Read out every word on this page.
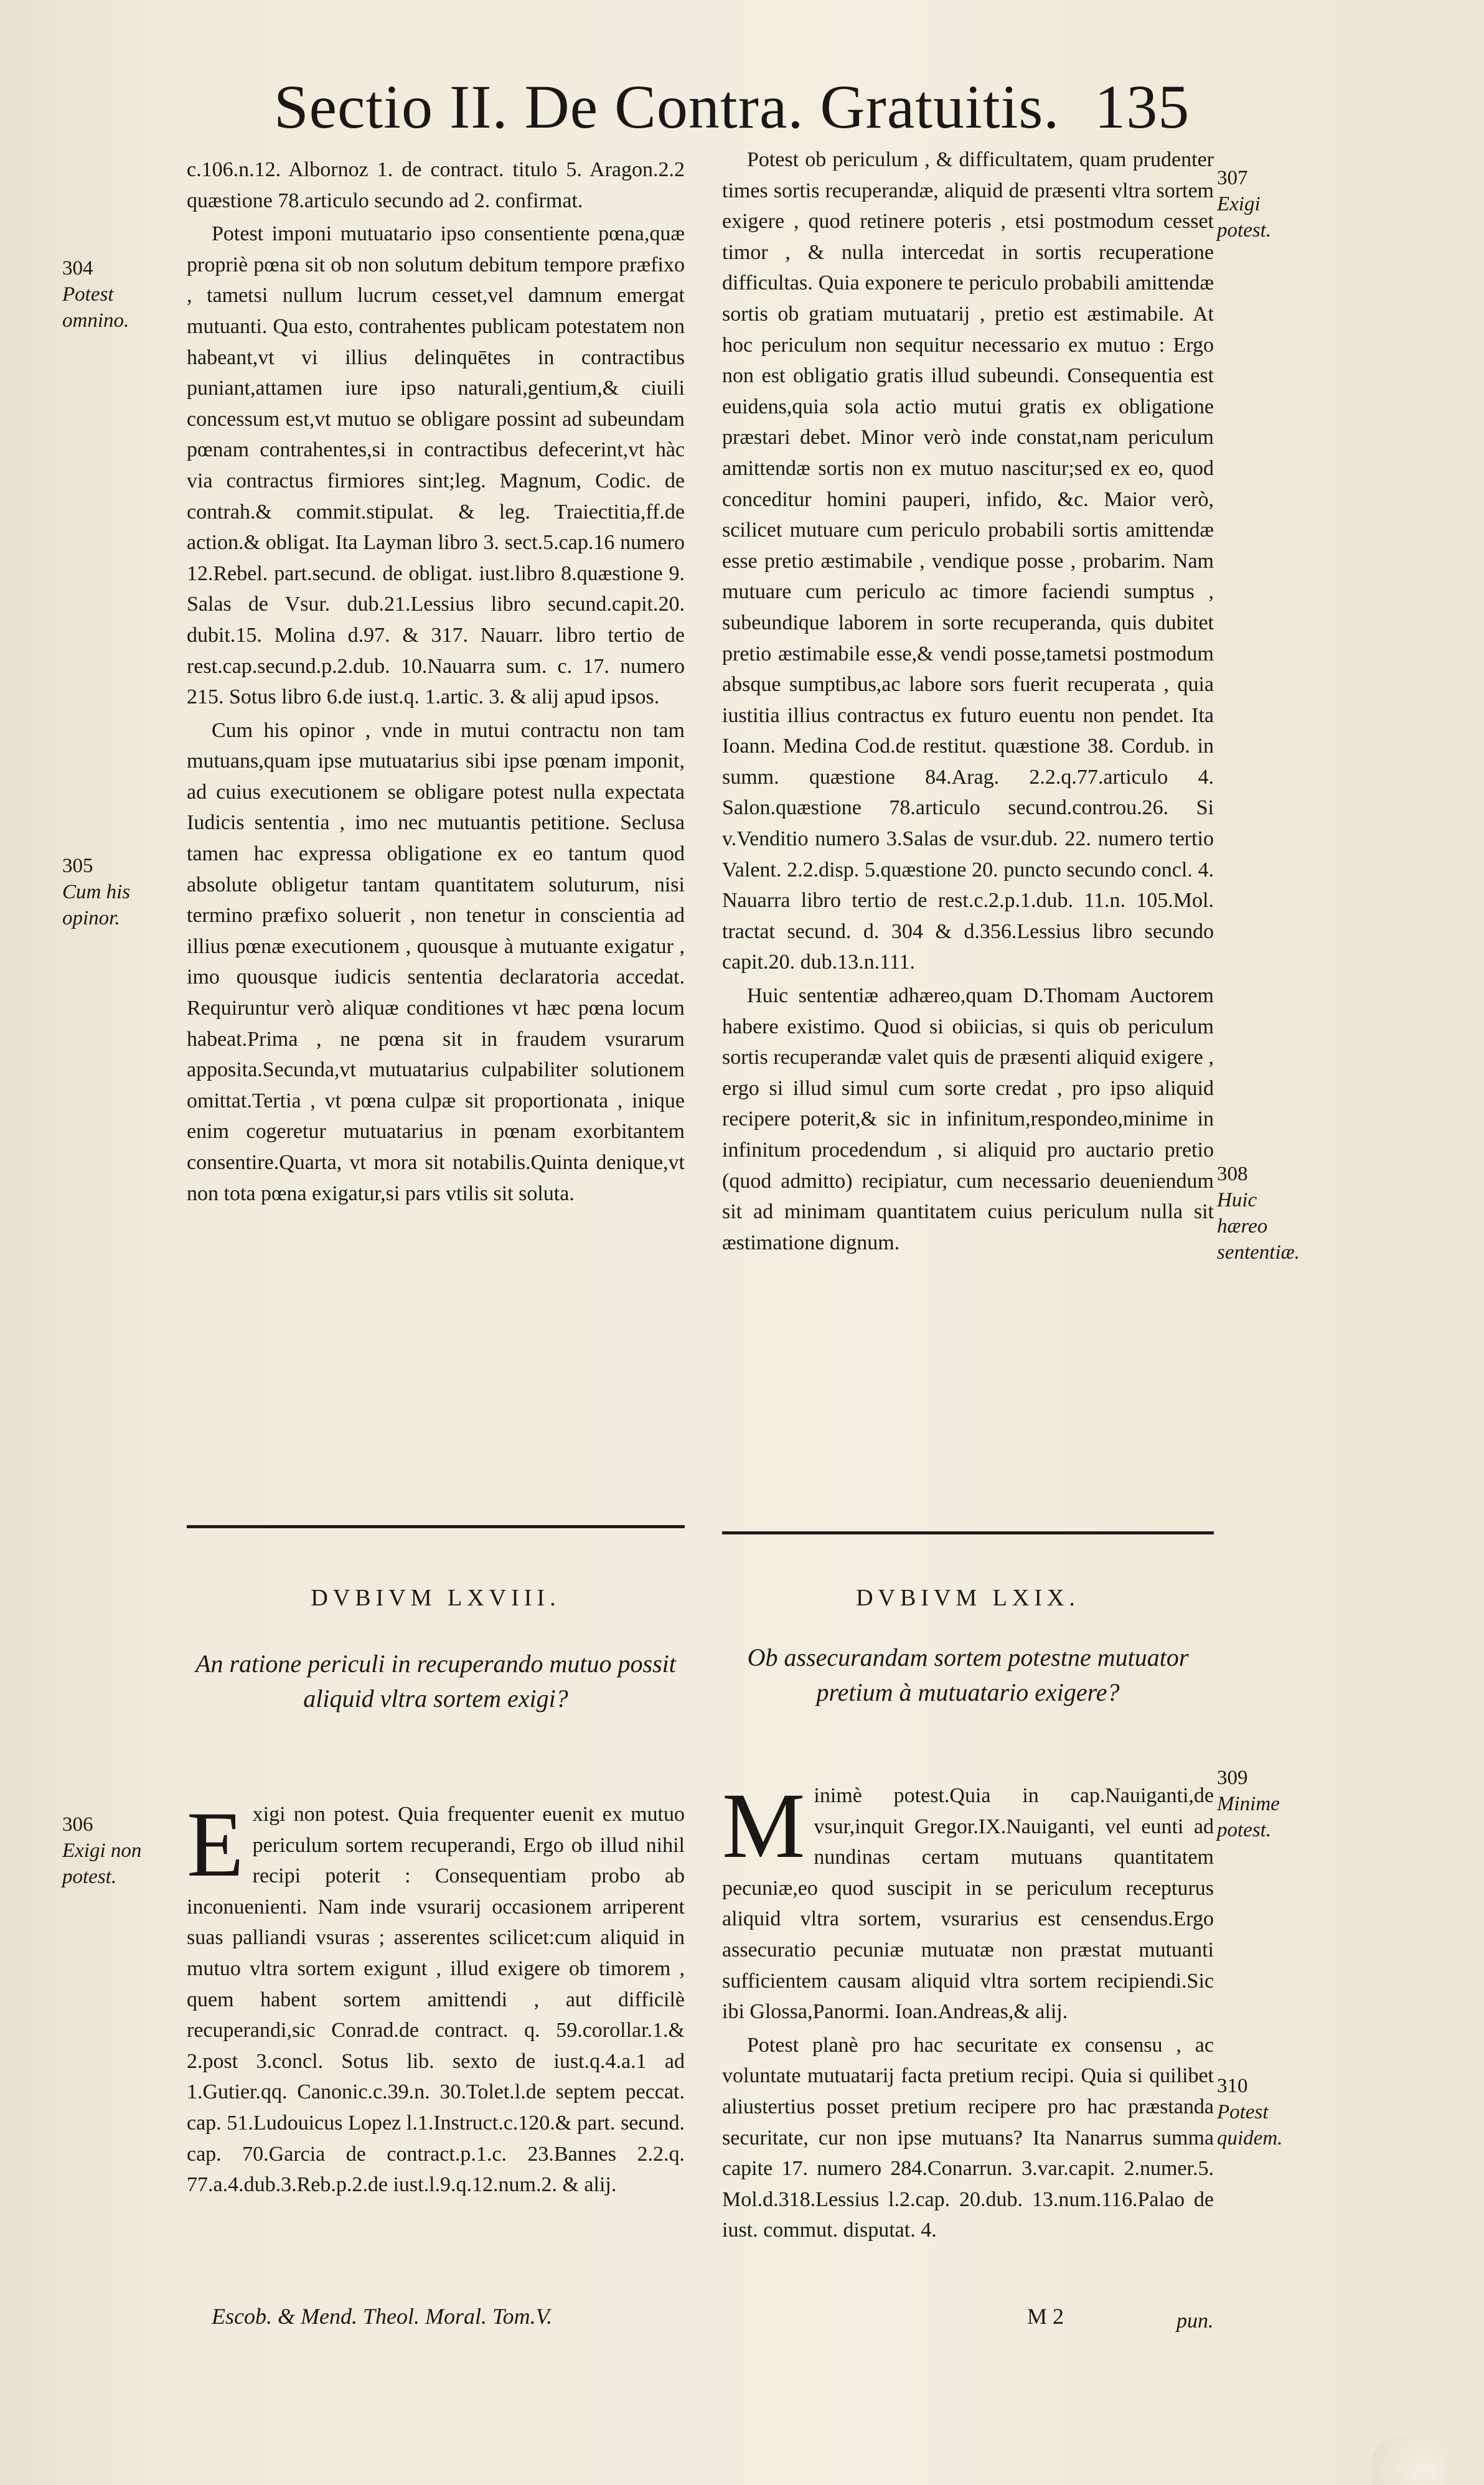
Sectio II. De Contra. Gratuitis. 135

c.106.n.12. Albornoz 1. de contract. titulo 5. Aragon.2.2 quæstione 78.articulo secundo ad 2. confirmat.

Potest imponi mutuatario ipso consentiente pœna,quæ propriè pœna sit ob non solutum debitum tempore præfixo , tametsi nullum lucrum cesset,vel damnum emergat mutuanti. Qua esto, contrahentes publicam potestatem non habeant,vt vi illius delinquētes in contractibus puniant,attamen iure ipso naturali,gentium,& ciuili concessum est,vt mutuo se obligare possint ad subeundam pœnam contrahentes,si in contractibus defecerint,vt hàc via contractus firmiores sint;leg. Magnum, Codic. de contrah.& commit.stipulat. & leg. Traiectitia,ff.de action.& obligat. Ita Layman libro 3. sect.5.cap.16 numero 12.Rebel. part.secund. de obligat. iust.libro 8.quæstione 9. Salas de Vsur. dub.21.Lessius libro secund.capit.20. dubit.15. Molina d.97. & 317. Nauarr. libro tertio de rest.cap.secund.p.2.dub. 10.Nauarra sum. c. 17. numero 215. Sotus libro 6.de iust.q. 1.artic. 3. & alij apud ipsos.

Cum his opinor , vnde in mutui contractu non tam mutuans,quam ipse mutuatarius sibi ipse pœnam imponit, ad cuius executionem se obligare potest nulla expectata Iudicis sententia , imo nec mutuantis petitione. Seclusa tamen hac expressa obligatione ex eo tantum quod absolute obligetur tantam quantitatem soluturum, nisi termino præfixo soluerit , non tenetur in conscientia ad illius pœnæ executionem , quousque à mutuante exigatur , imo quousque iudicis sententia declaratoria accedat. Requiruntur verò aliquæ conditiones vt hæc pœna locum habeat.Prima , ne pœna sit in fraudem vsurarum apposita.Secunda,vt mutuatarius culpabiliter solutionem omittat.Tertia , vt pœna culpæ sit proportionata , inique enim cogeretur mutuatarius in pœnam exorbitantem consentire.Quarta, vt mora sit notabilis.Quinta denique,vt non tota pœna exigatur,si pars vtilis sit soluta.

Potest ob periculum , & difficultatem, quam prudenter times sortis recuperandæ, aliquid de præsenti vltra sortem exigere , quod retinere poteris , etsi postmodum cesset timor , & nulla intercedat in sortis recuperatione difficultas. Quia exponere te periculo probabili amittendæ sortis ob gratiam mutuatarij , pretio est æstimabile. At hoc periculum non sequitur necessario ex mutuo : Ergo non est obligatio gratis illud subeundi. Consequentia est euidens,quia sola actio mutui gratis ex obligatione præstari debet. Minor verò inde constat,nam periculum amittendæ sortis non ex mutuo nascitur;sed ex eo, quod conceditur homini pauperi, infido, &c. Maior verò, scilicet mutuare cum periculo probabili sortis amittendæ esse pretio æstimabile , vendique posse , probarim. Nam mutuare cum periculo ac timore faciendi sumptus , subeundique laborem in sorte recuperanda, quis dubitet pretio æstimabile esse,& vendi posse,tametsi postmodum absque sumptibus,ac labore sors fuerit recuperata , quia iustitia illius contractus ex futuro euentu non pendet. Ita Ioann. Medina Cod.de restitut. quæstione 38. Cordub. in summ. quæstione 84.Arag. 2.2.q.77.articulo 4. Salon.quæstione 78.articulo secund.controu.26. Si v.Venditio numero 3.Salas de vsur.dub. 22. numero tertio Valent. 2.2.disp. 5.quæstione 20. puncto secundo concl. 4. Nauarra libro tertio de rest.c.2.p.1.dub. 11.n. 105.Mol. tractat secund. d. 304 & d.356.Lessius libro secundo capit.20. dub.13.n.111.

Huic sententiæ adhæreo,quam D.Thomam Auctorem habere existimo. Quod si obiicias, si quis ob periculum sortis recuperandæ valet quis de præsenti aliquid exigere , ergo si illud simul cum sorte credat , pro ipso aliquid recipere poterit,& sic in infinitum,respondeo,minime in infinitum procedendum , si aliquid pro auctario pretio (quod admitto) recipiatur, cum necessario deueniendum sit ad minimam quantitatem cuius periculum nulla sit æstimatione dignum.

304
Potest omnino.
305
Cum his opinor.
306
Exigi non potest.
307
Exigi potest.
308
Huic hæreo sententiæ.
309
Minime potest.
310
Potest quidem.
DVBIVM LXVIII.
An ratione periculi in recuperando mutuo possit aliquid vltra sortem exigi?
E xigi non potest. Quia frequenter euenit ex mutuo periculum sortem recuperandi, Ergo ob illud nihil recipi poterit : Consequentiam probo ab inconuenienti. Nam inde vsurarij occasionem arriperent suas palliandi vsuras ; asserentes scilicet:cum aliquid in mutuo vltra sortem exigunt , illud exigere ob timorem , quem habent sortem amittendi , aut difficilè recuperandi,sic Conrad.de contract. q. 59.corollar.1.& 2.post 3.concl. Sotus lib. sexto de iust.q.4.a.1 ad 1.Gutier.qq. Canonic.c.39.n. 30.Tolet.l.de septem peccat. cap. 51.Ludouicus Lopez l.1.Instruct.c.120.& part. secund. cap. 70.Garcia de contract.p.1.c. 23.Bannes 2.2.q. 77.a.4.dub.3.Reb.p.2.de iust.l.9.q.12.num.2. & alij.

DVBIVM LXIX.
Ob assecurandam sortem potestne mutuator pretium à mutuatario exigere?
M inimè potest.Quia in cap.Nauiganti,de vsur,inquit Gregor.IX.Nauiganti, vel eunti ad nundinas certam mutuans quantitatem pecuniæ,eo quod suscipit in se periculum recepturus aliquid vltra sortem, vsurarius est censendus.Ergo assecuratio pecuniæ mutuatæ non præstat mutuanti sufficientem causam aliquid vltra sortem recipiendi.Sic ibi Glossa,Panormi. Ioan.Andreas,& alij.

Potest planè pro hac securitate ex consensu , ac voluntate mutuatarij facta pretium recipi. Quia si quilibet aliustertius posset pretium recipere pro hac præstanda securitate, cur non ipse mutuans? Ita Nanarrus summa capite 17. numero 284.Conarrun. 3.var.capit. 2.numer.5. Mol.d.318.Lessius l.2.cap. 20.dub. 13.num.116.Palao de iust. commut. disputat. 4.

Escob. & Mend. Theol. Moral. Tom.V.	M 2	pun.
